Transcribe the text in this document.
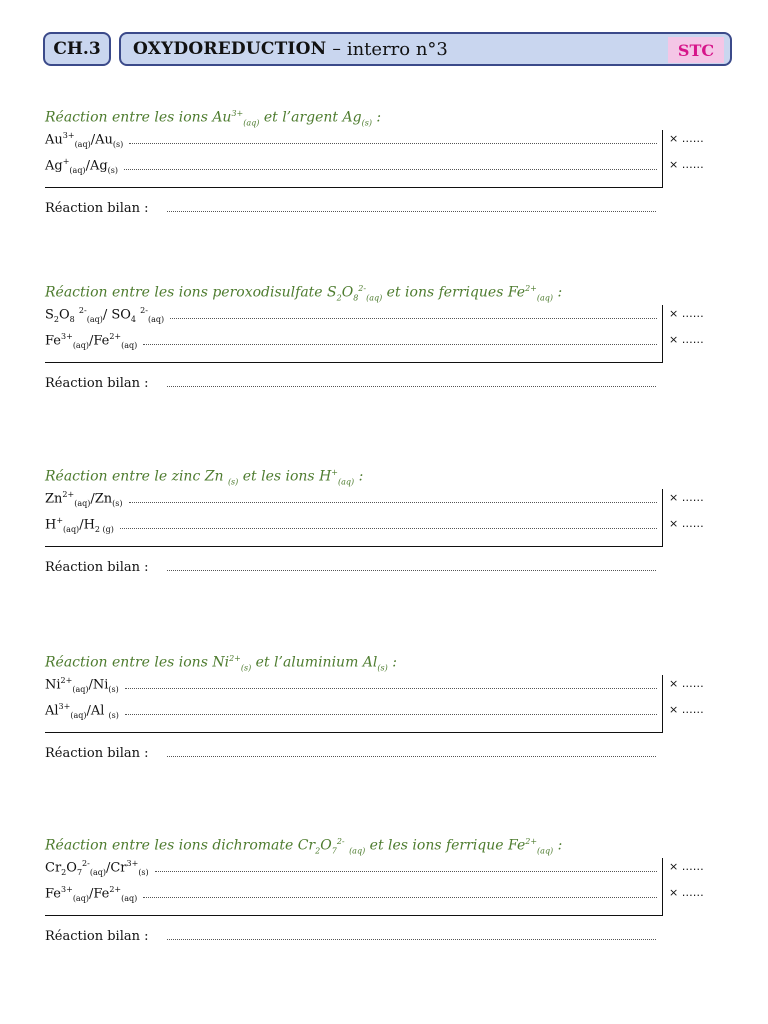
CH.3	OXYDOREDUCTION – interro n°3	STC
Réaction entre les ions $Au^{3+}_{(aq)}$ et l’argent $Ag_{(s)}$ :
$Au^{3+}_{(aq)}/Au_{(s)}$	× ……
$Ag^+_{(aq)}/Ag_{(s)}$	× ……
Réaction bilan :
Réaction entre les ions peroxodisulfate $S_2O_8^{2-}_{(aq)}$ et ions ferriques $Fe^{2+}_{(aq)}$ :
$S_2O_8$ $^{2-}_{(aq)}$/ $SO_4$ $^{2-}_{(aq)}$	× ……
$Fe^{3+}_{(aq)}/Fe^{2+}_{(aq)}$	× ……
Réaction bilan :
Réaction entre le zinc Zn $_{(s)}$ et les ions $H^+_{(aq)}$ :
$Zn^{2+}_{(aq)}/Zn_{(s)}$	× ……
$H^+_{(aq)}/H_{2 (g)}$	× ……
Réaction bilan :
Réaction entre les ions $Ni^{2+}_{(s)}$ et l’aluminium $Al_{(s)}$ :
$Ni^{2+}_{(aq)}/Ni_{(s)}$	× ……
$Al^{3+}_{(aq)}/Al$ $_{(s)}$	× ……
Réaction bilan :
Réaction entre les ions dichromate $Cr_2O_7^{2-}$ $_{(aq)}$ et les ions ferrique $Fe^{2+}_{(aq)}$ :
$Cr_2O_7^{2-}_{(aq)}/Cr^{3+}_{(s)}$	× ……
$Fe^{3+}_{(aq)}/Fe^{2+}_{(aq)}$	× ……
Réaction bilan :
